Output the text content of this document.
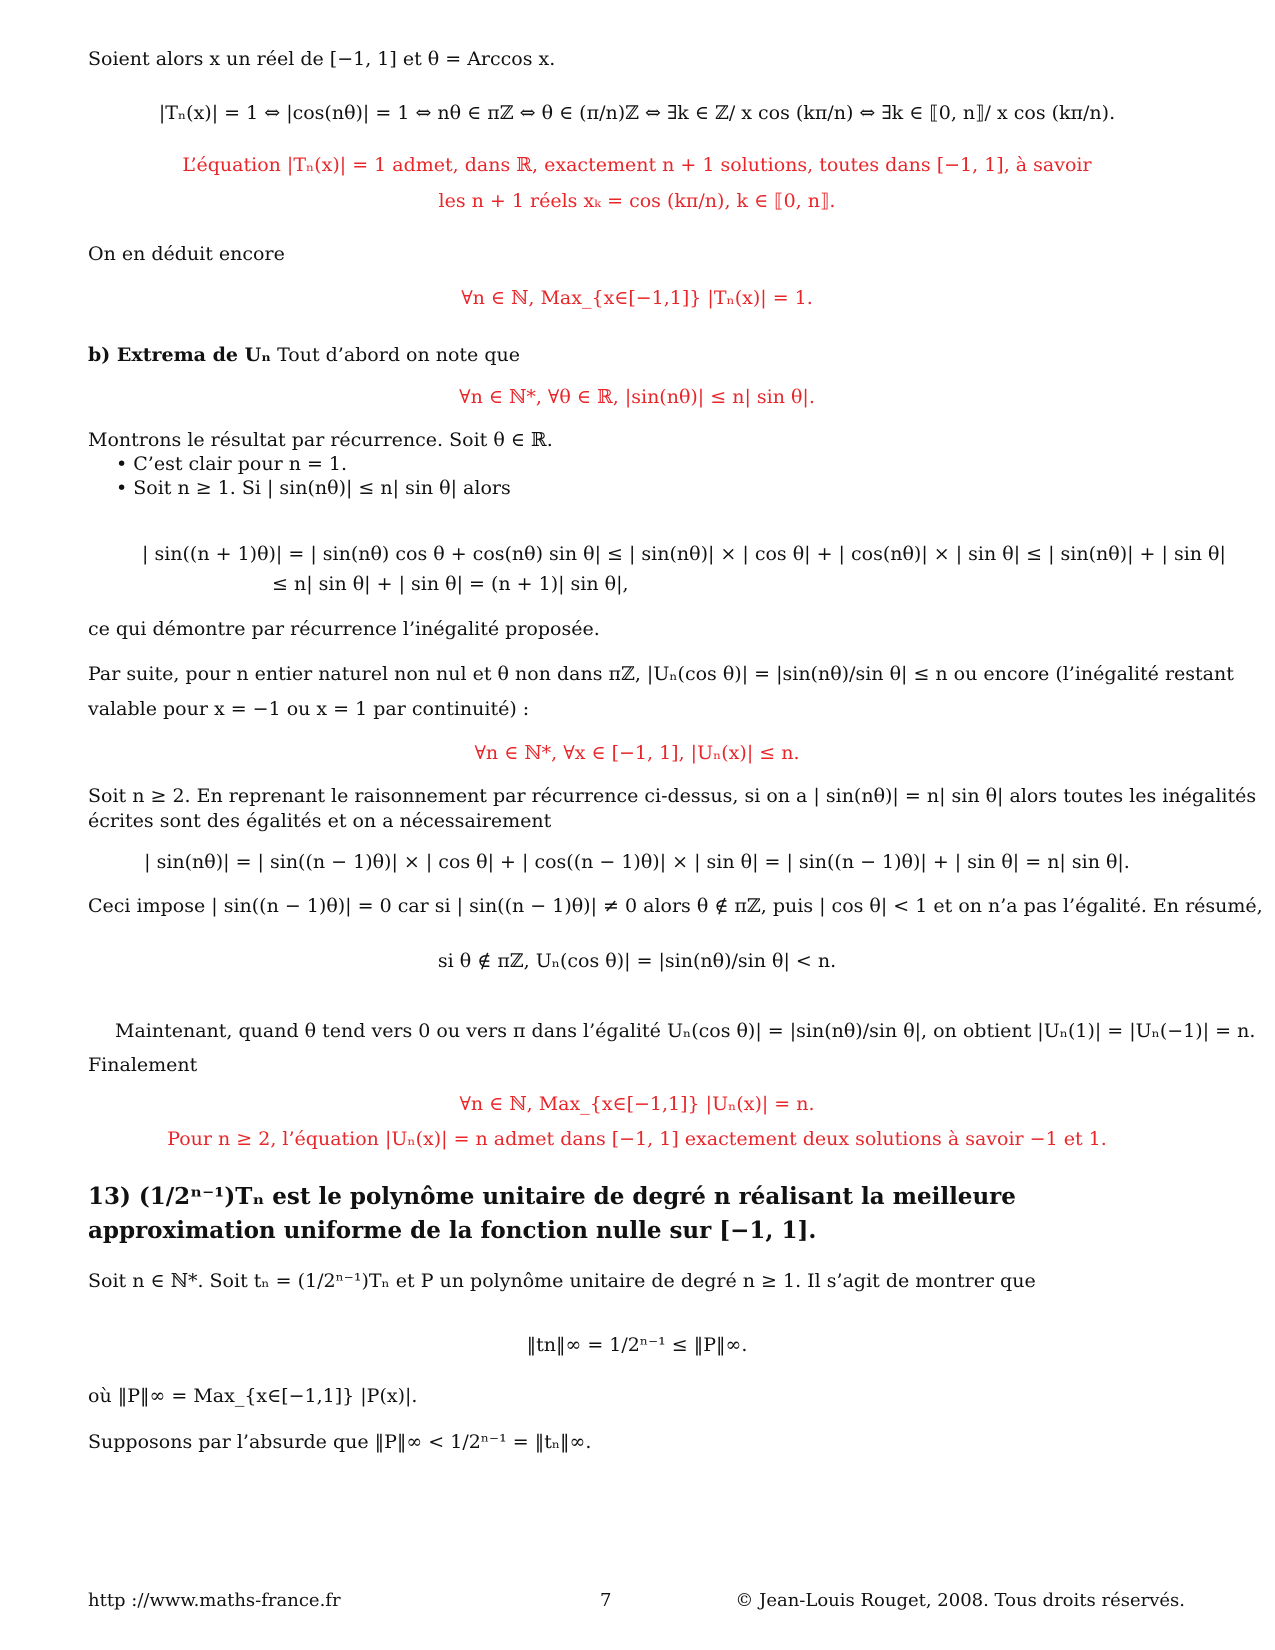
Soient alors x un réel de [−1, 1] et θ = Arccos x.
|Tₙ(x)| = 1 ⇔ |cos(nθ)| = 1 ⇔ nθ ∈ πℤ ⇔ θ ∈ (π/n)ℤ ⇔ ∃k ∈ ℤ/ x cos (kπ/n) ⇔ ∃k ∈ ⟦0, n⟧/ x cos (kπ/n).
L’équation |Tₙ(x)| = 1 admet, dans ℝ, exactement n + 1 solutions, toutes dans [−1, 1], à savoir
les n + 1 réels xₖ = cos (kπ/n), k ∈ ⟦0, n⟧.
On en déduit encore
∀n ∈ ℕ, Max_{x∈[−1,1]} |Tₙ(x)| = 1.
b) Extrema de Uₙ Tout d’abord on note que
∀n ∈ ℕ*, ∀θ ∈ ℝ, |sin(nθ)| ≤ n| sin θ|.
Montrons le résultat par récurrence. Soit θ ∈ ℝ.
• C’est clair pour n = 1.
• Soit n ≥ 1. Si | sin(nθ)| ≤ n| sin θ| alors
| sin((n + 1)θ)| = | sin(nθ) cos θ + cos(nθ) sin θ| ≤ | sin(nθ)| × | cos θ| + | cos(nθ)| × | sin θ| ≤ | sin(nθ)| + | sin θ|
≤ n| sin θ| + | sin θ| = (n + 1)| sin θ|,
ce qui démontre par récurrence l’inégalité proposée.
Par suite, pour n entier naturel non nul et θ non dans πℤ, |Uₙ(cos θ)| = |sin(nθ)/sin θ| ≤ n ou encore (l’inégalité restant
valable pour x = −1 ou x = 1 par continuité) :
∀n ∈ ℕ*, ∀x ∈ [−1, 1], |Uₙ(x)| ≤ n.
Soit n ≥ 2. En reprenant le raisonnement par récurrence ci-dessus, si on a | sin(nθ)| = n| sin θ| alors toutes les inégalités
écrites sont des égalités et on a nécessairement
| sin(nθ)| = | sin((n − 1)θ)| × | cos θ| + | cos((n − 1)θ)| × | sin θ| = | sin((n − 1)θ)| + | sin θ| = n| sin θ|.
Ceci impose | sin((n − 1)θ)| = 0 car si | sin((n − 1)θ)| ≠ 0 alors θ ∉ πℤ, puis | cos θ| < 1 et on n’a pas l’égalité. En résumé,
si θ ∉ πℤ, Uₙ(cos θ)| = |sin(nθ)/sin θ| < n.
Maintenant, quand θ tend vers 0 ou vers π dans l’égalité Uₙ(cos θ)| = |sin(nθ)/sin θ|, on obtient |Uₙ(1)| = |Uₙ(−1)| = n.
Finalement
∀n ∈ ℕ, Max_{x∈[−1,1]} |Uₙ(x)| = n.
Pour n ≥ 2, l’équation |Uₙ(x)| = n admet dans [−1, 1] exactement deux solutions à savoir −1 et 1.
13) (1/2ⁿ⁻¹)Tₙ est le polynôme unitaire de degré n réalisant la meilleure approximation uniforme de la fonction nulle sur [−1, 1].
Soit n ∈ ℕ*. Soit tₙ = (1/2ⁿ⁻¹)Tₙ et P un polynôme unitaire de degré n ≥ 1. Il s’agit de montrer que
‖tn‖∞ = 1/2ⁿ⁻¹ ≤ ‖P‖∞.
où ‖P‖∞ = Max_{x∈[−1,1]} |P(x)|.
Supposons par l’absurde que ‖P‖∞ < 1/2ⁿ⁻¹ = ‖tₙ‖∞.
http ://www.maths-france.fr	7	© Jean-Louis Rouget, 2008. Tous droits réservés.
